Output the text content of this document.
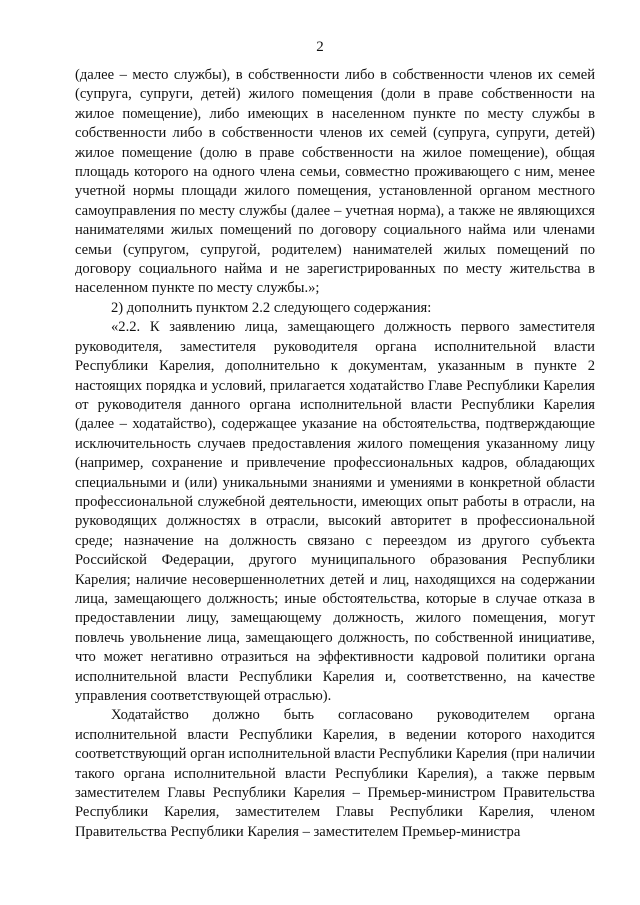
2

(далее – место службы), в собственности либо в собственности членов их семей (супруга, супруги, детей) жилого помещения (доли в праве собственности на жилое помещение), либо имеющих в населенном пункте по месту службы в собственности либо в собственности членов их семей (супруга, супруги, детей) жилое помещение (долю в праве собственности на жилое помещение), общая площадь которого на одного члена семьи, совместно проживающего с ним, менее учетной нормы площади жилого помещения, установленной органом местного самоуправления по месту службы (далее – учетная норма), а также не являющихся нанимателями жилых помещений по договору социального найма или членами семьи (супругом, супругой, родителем) нанимателей жилых помещений по договору социального найма и не зарегистрированных по месту жительства в населенном пункте по месту службы.»;

2) дополнить пунктом 2.2 следующего содержания:

«2.2. К заявлению лица, замещающего должность первого заместителя руководителя, заместителя руководителя органа исполнительной власти Республики Карелия, дополнительно к документам, указанным в пункте 2 настоящих порядка и условий, прилагается ходатайство Главе Республики Карелия от руководителя данного органа исполнительной власти Республики Карелия (далее – ходатайство), содержащее указание на обстоятельства, подтверждающие исключительность случаев предоставления жилого помещения указанному лицу (например, сохранение и привлечение профессиональных кадров, обладающих специальными и (или) уникальными знаниями и умениями в конкретной области профессиональной служебной деятельности, имеющих опыт работы в отрасли, на руководящих должностях в отрасли, высокий авторитет в профессиональной среде; назначение на должность связано с переездом из другого субъекта Российской Федерации, другого муниципального образования Республики Карелия; наличие несовершеннолетних детей и лиц, находящихся на содержании лица, замещающего должность; иные обстоятельства, которые в случае отказа в предоставлении лицу, замещающему должность, жилого помещения, могут повлечь увольнение лица, замещающего должность, по собственной инициативе, что может негативно отразиться на эффективности кадровой политики органа исполнительной власти Республики Карелия и, соответственно, на качестве управления соответствующей отраслью).

Ходатайство должно быть согласовано руководителем органа исполнительной власти Республики Карелия, в ведении которого находится соответствующий орган исполнительной власти Республики Карелия (при наличии такого органа исполнительной власти Республики Карелия), а также первым заместителем Главы Республики Карелия – Премьер-министром Правительства Республики Карелия, заместителем Главы Республики Карелия, членом Правительства Республики Карелия – заместителем Премьер-министра
